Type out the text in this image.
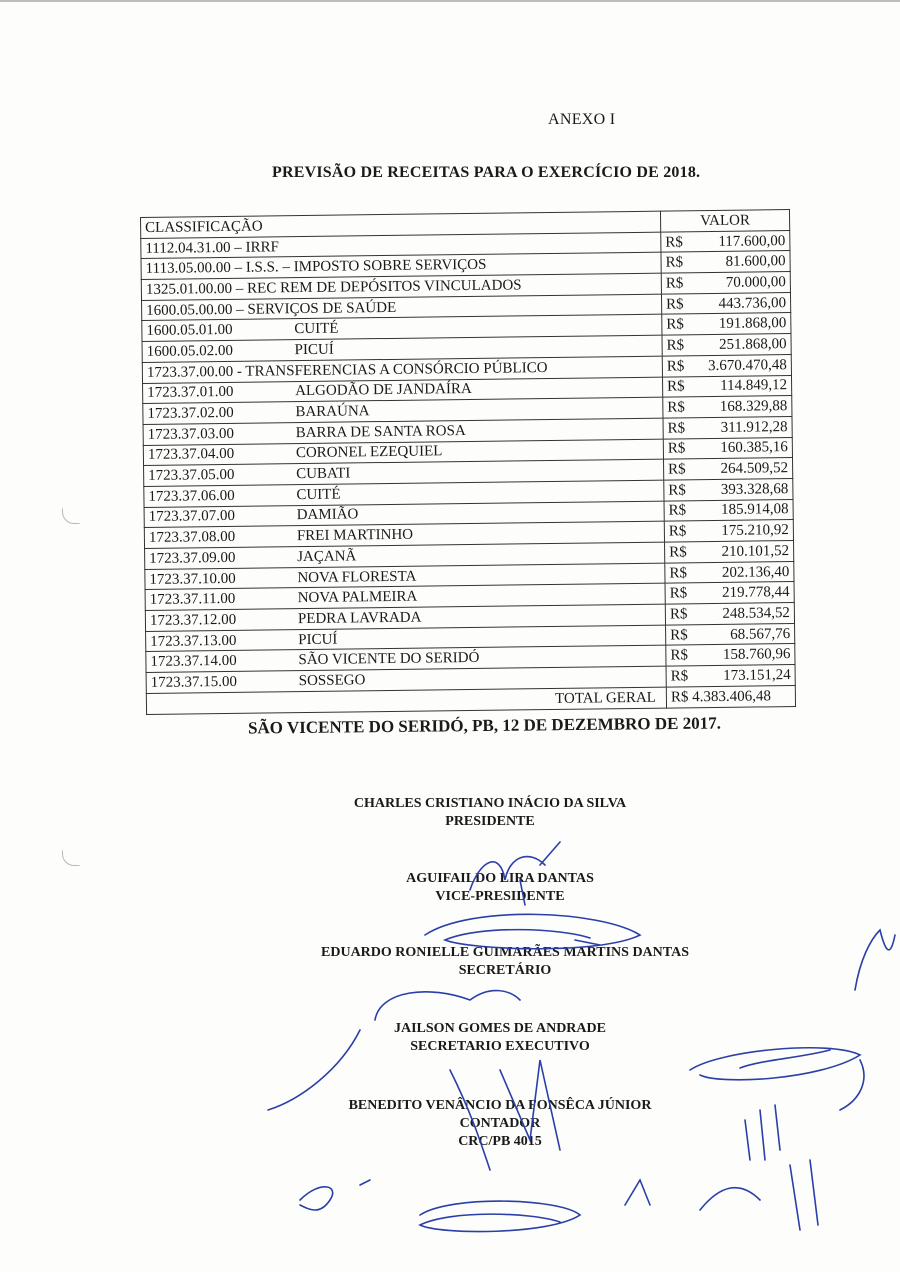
ANEXO I
PREVISÃO DE RECEITAS PARA O EXERCÍCIO DE 2018.
CLASSIFICAÇÃO	VALOR
1112.04.31.00 – IRRF	R$ 117.600,00

1113.05.00.00 – I.S.S. – IMPOSTO SOBRE SERVIÇOS	R$ 81.600,00

1325.01.00.00 – REC REM DE DEPÓSITOS VINCULADOS	R$ 70.000,00

1600.05.00.00 – SERVIÇOS DE SAÚDE	R$ 443.736,00

1600.05.01.00 CUITÉ	R$ 191.868,00

1600.05.02.00 PICUÍ	R$ 251.868,00

1723.37.00.00 - TRANSFERENCIAS A CONSÓRCIO PÚBLICO	R$ 3.670.470,48

1723.37.01.00 ALGODÃO DE JANDAÍRA	R$ 114.849,12

1723.37.02.00 BARAÚNA	R$ 168.329,88

1723.37.03.00 BARRA DE SANTA ROSA	R$ 311.912,28

1723.37.04.00 CORONEL EZEQUIEL	R$ 160.385,16

1723.37.05.00 CUBATI	R$ 264.509,52

1723.37.06.00 CUITÉ	R$ 393.328,68

1723.37.07.00 DAMIÃO	R$ 185.914,08

1723.37.08.00 FREI MARTINHO	R$ 175.210,92

1723.37.09.00 JAÇANÃ	R$ 210.101,52

1723.37.10.00 NOVA FLORESTA	R$ 202.136,40

1723.37.11.00 NOVA PALMEIRA	R$ 219.778,44

1723.37.12.00 PEDRA LAVRADA	R$ 248.534,52

1723.37.13.00 PICUÍ	R$ 68.567,76

1723.37.14.00 SÃO VICENTE DO SERIDÓ	R$ 158.760,96

1723.37.15.00 SOSSEGO	R$ 173.151,24

TOTAL GERAL	R$ 4.383.406,48
SÃO VICENTE DO SERIDÓ, PB, 12 DE DEZEMBRO DE 2017.
CHARLES CRISTIANO INÁCIO DA SILVA
PRESIDENTE
AGUIFAILDO LIRA DANTAS
VICE-PRESIDENTE
EDUARDO RONIELLE GUIMARÃES MARTINS DANTAS
SECRETÁRIO
JAILSON GOMES DE ANDRADE
SECRETARIO EXECUTIVO
BENEDITO VENÂNCIO DA FONSÊCA JÚNIOR
CONTADOR
CRC/PB 4015
